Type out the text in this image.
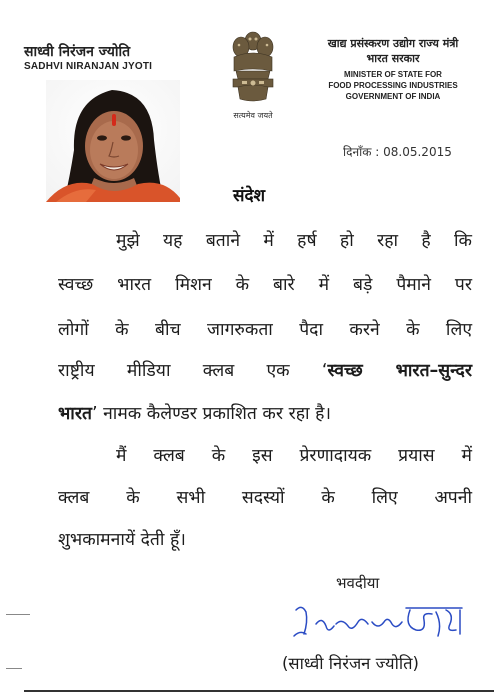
साध्वी निरंजन ज्योति
SADHVI NIRANJAN JYOTI
सत्यमेव जयते
खाद्य प्रसंस्करण उद्योग राज्य मंत्री
भारत सरकार
MINISTER OF STATE FOR
FOOD PROCESSING INDUSTRIES
GOVERNMENT OF INDIA
दिनाँक : 08.05.2015
संदेश
मुझे यह बताने में हर्ष हो रहा है कि
स्वच्छ भारत मिशन के बारे में बड़े पैमाने पर
लोगों के बीच जागरुकता पैदा करने के लिए
राष्ट्रीय मीडिया क्लब एक ‘स्वच्छ भारत–सुन्दर
भारत’ नामक कैलेण्डर प्रकाशित कर रहा है।
मैं क्लब के इस प्रेरणादायक प्रयास में
क्लब के सभी सदस्यों के लिए अपनी
शुभकामनायें देती हूँ।
भवदीया
(साध्वी निरंजन ज्योति)
